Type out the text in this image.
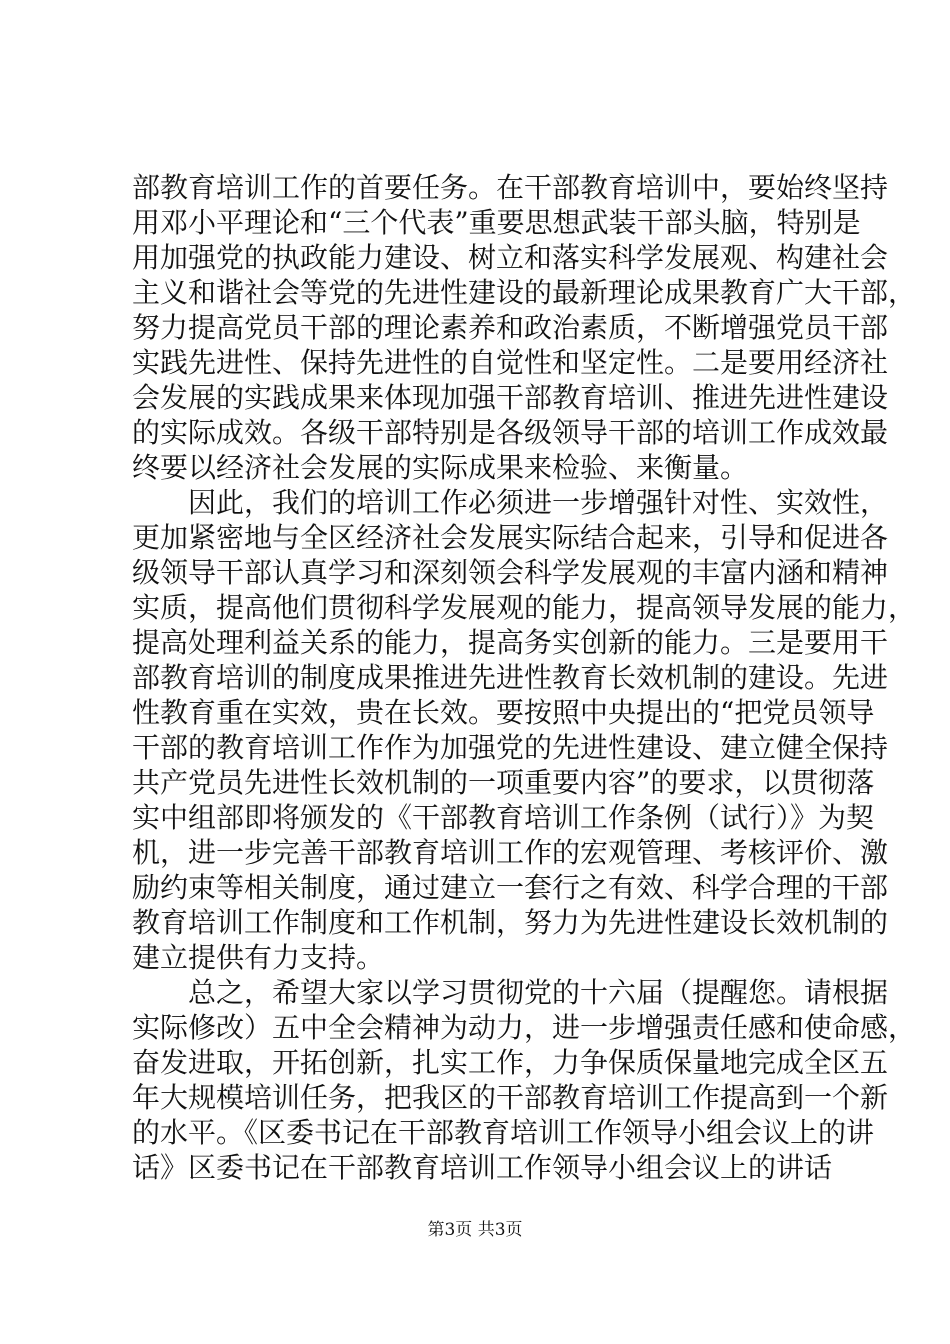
部教育培训工作的首要任务。在干部教育培训中，要始终坚持
用邓小平理论和“三个代表”重要思想武装干部头脑，特别是
用加强党的执政能力建设、树立和落实科学发展观、构建社会
主义和谐社会等党的先进性建设的最新理论成果教育广大干部，
努力提高党员干部的理论素养和政治素质，不断增强党员干部
实践先进性、保持先进性的自觉性和坚定性。二是要用经济社
会发展的实践成果来体现加强干部教育培训、推进先进性建设
的实际成效。各级干部特别是各级领导干部的培训工作成效最
终要以经济社会发展的实际成果来检验、来衡量。
因此，我们的培训工作必须进一步增强针对性、实效性，
更加紧密地与全区经济社会发展实际结合起来，引导和促进各
级领导干部认真学习和深刻领会科学发展观的丰富内涵和精神
实质，提高他们贯彻科学发展观的能力，提高领导发展的能力，
提高处理利益关系的能力，提高务实创新的能力。三是要用干
部教育培训的制度成果推进先进性教育长效机制的建设。先进
性教育重在实效，贵在长效。要按照中央提出的“把党员领导
干部的教育培训工作作为加强党的先进性建设、建立健全保持
共产党员先进性长效机制的一项重要内容”的要求，以贯彻落
实中组部即将颁发的《干部教育培训工作条例（试行）》为契
机，进一步完善干部教育培训工作的宏观管理、考核评价、激
励约束等相关制度，通过建立一套行之有效、科学合理的干部
教育培训工作制度和工作机制，努力为先进性建设长效机制的
建立提供有力支持。
总之，希望大家以学习贯彻党的十六届（提醒您。请根据
实际修改）五中全会精神为动力，进一步增强责任感和使命感，
奋发进取，开拓创新，扎实工作，力争保质保量地完成全区五
年大规模培训任务，把我区的干部教育培训工作提高到一个新
的水平。《区委书记在干部教育培训工作领导小组会议上的讲
话》区委书记在干部教育培训工作领导小组会议上的讲话
第3页 共3页
